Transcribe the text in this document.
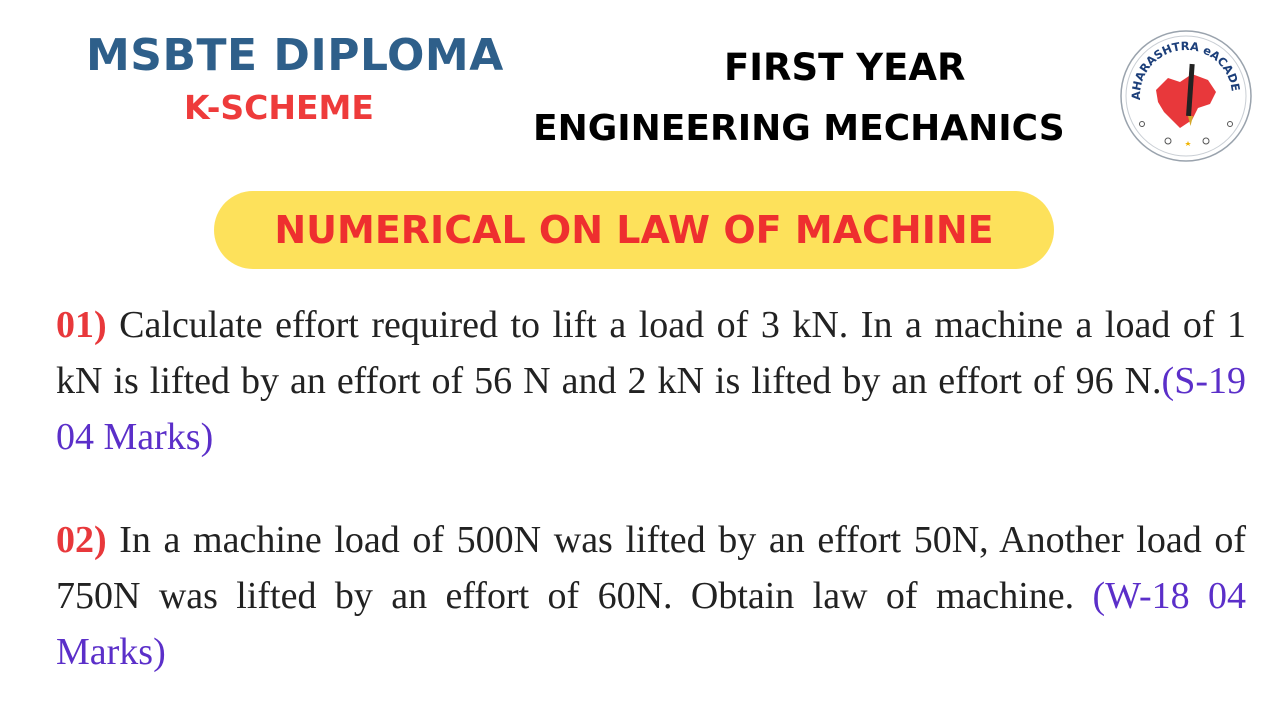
MSBTE DIPLOMA
K-SCHEME
FIRST YEAR
ENGINEERING MECHANICS
AHARASHTRA eACADE
NUMERICAL ON LAW OF MACHINE
01) Calculate effort required to lift a load of 3 kN. In a machine a load of 1 kN is lifted by an effort of 56 N and 2 kN is lifted by an effort of 96 N.(S-19 04 Marks)
02) In a machine load of 500N was lifted by an effort 50N, Another load of 750N was lifted by an effort of 60N. Obtain law of machine. (W-18 04 Marks)
